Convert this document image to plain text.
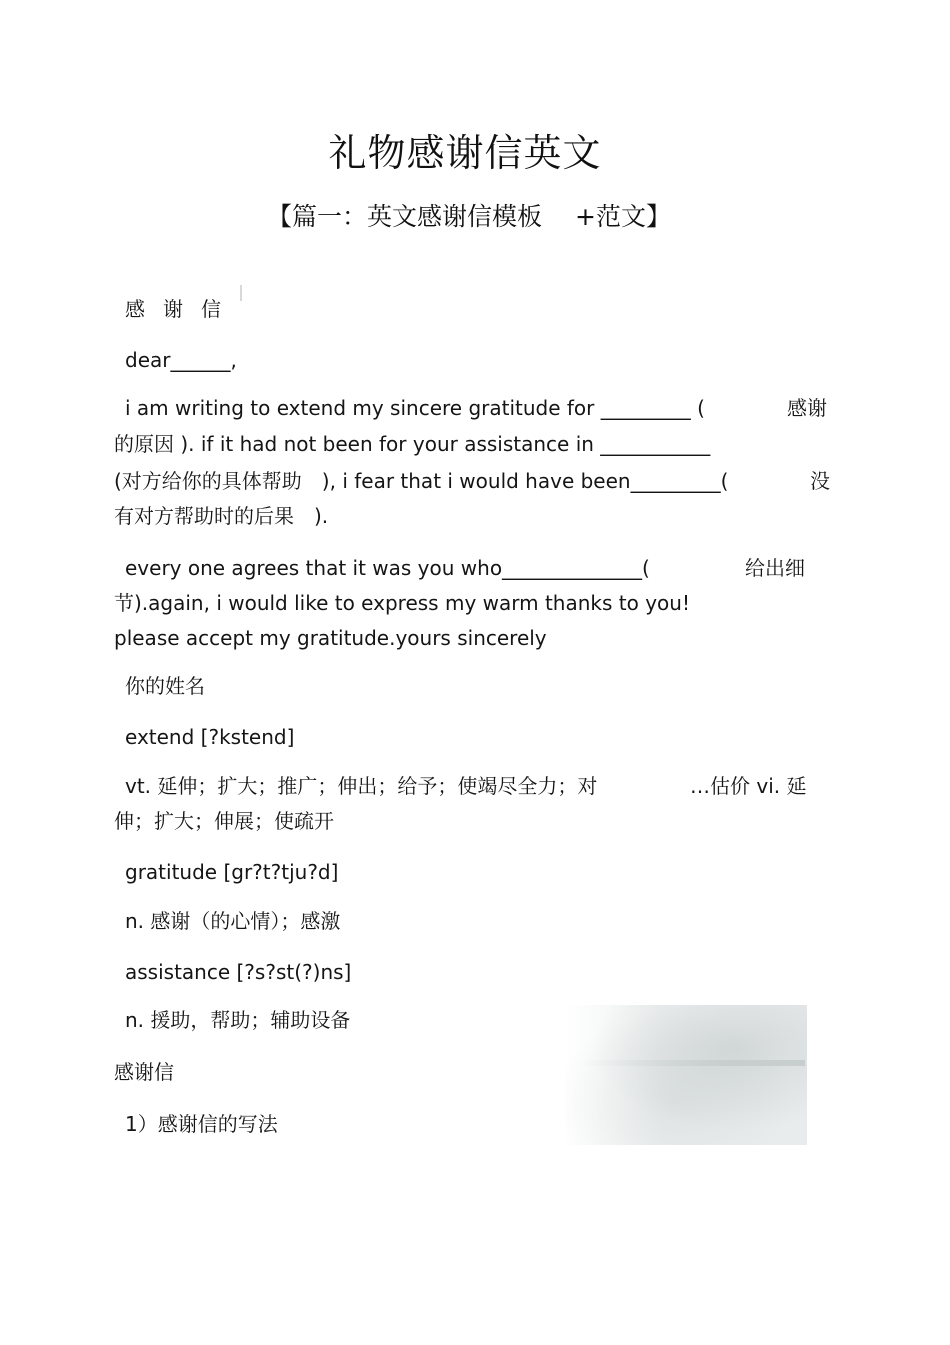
礼物感谢信英文
【篇一：英文感谢信模板 　+范文】
感谢信
dear______,
i am writing to extend my sincere gratitude for _________ (	感谢
的原因 ). if it had not been for your assistance in ___________
(对方给你的具体帮助　), i fear that i would have been_________(	没
有对方帮助时的后果　).
every one agrees that it was you who______________(	给出细
节).again, i would like to express my warm thanks to you!
please accept my gratitude.yours sincerely
你的姓名
extend [?kstend]
vt. 延伸；扩大；推广；伸出；给予；使竭尽全力；对	…估价 vi. 延
伸；扩大；伸展；使疏开
gratitude [gr?t?tju?d]
n. 感谢（的心情）；感激
assistance [?s?st(?)ns]
n. 援助，帮助；辅助设备
感谢信
1）感谢信的写法
